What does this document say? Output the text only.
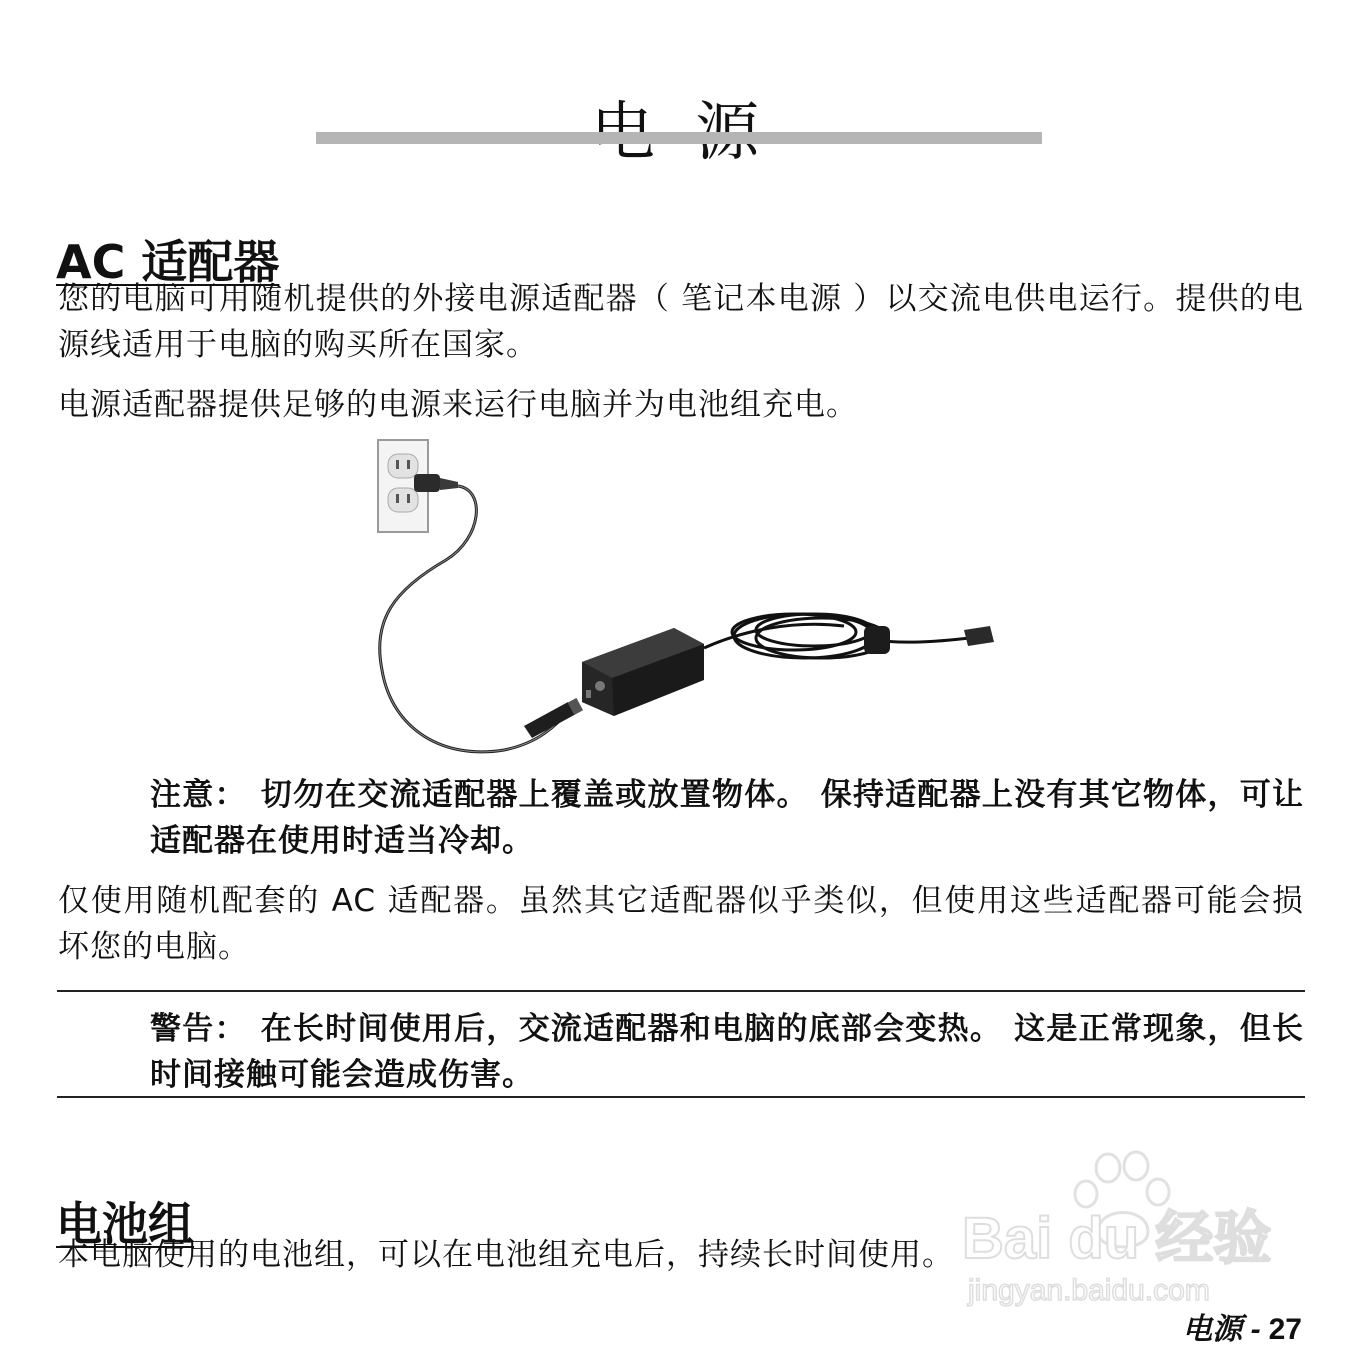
AC 适配器

您的电脑可用随机提供的外接电源适配器（ 笔记本电源 ）以交流电供电运行。提供的电源线适用于电脑的购买所在国家。

电源适配器提供足够的电源来运行电脑并为电池组充电。

注意： 切勿在交流适配器上覆盖或放置物体。 保持适配器上没有其它物体，可让适配器在使用时适当冷却。

仅使用随机配套的 AC 适配器。虽然其它适配器似乎类似，但使用这些适配器可能会损坏您的电脑。

警告： 在长时间使用后，交流适配器和电脑的底部会变热。 这是正常现象，但长时间接触可能会造成伤害。
电池组

本电脑使用的电池组，可以在电池组充电后，持续长时间使用。 Bai du 经验
jingyan.baidu.com
电源 - 27
